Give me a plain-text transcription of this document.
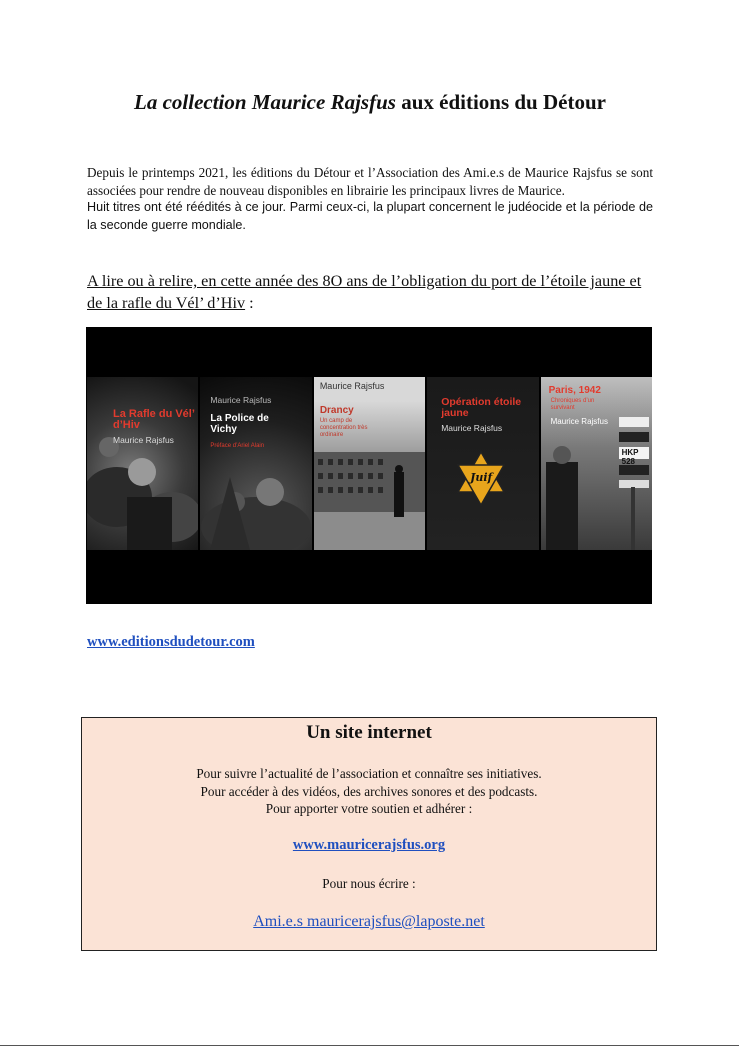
La collection Maurice Rajsfus aux éditions du Détour

Depuis le printemps 2021, les éditions du Détour et l’Association des Ami.e.s de Maurice Rajsfus se sont associées pour rendre de nouveau disponibles en librairie les principaux livres de Maurice.

Huit titres ont été réédités à ce jour. Parmi ceux-ci, la plupart concernent le judéocide et la période de la seconde guerre mondiale.

A lire ou à relire, en cette année des 8O ans de l’obligation du port de l’étoile jaune et de la rafle du Vél’ d’Hiv :
La Rafle du Vél’ d’Hiv
Maurice Rajsfus
Maurice Rajsfus
La Police de Vichy
Préface d’Ariel Alain
Maurice Rajsfus
Drancy
Un camp de concentration très ordinaire
Opération étoile jaune
Maurice Rajsfus
Juif
Paris, 1942
Chroniques d’un survivant
Maurice Rajsfus
HKP 528
www.editionsdudetour.com
Un site internet
Pour suivre l’actualité de l’association et connaître ses initiatives.
Pour accéder à des vidéos, des archives sonores et des podcasts.
Pour apporter votre soutien et adhérer :
www.mauricerajsfus.org
Pour nous écrire :
Ami.e.s mauricerajsfus@laposte.net
